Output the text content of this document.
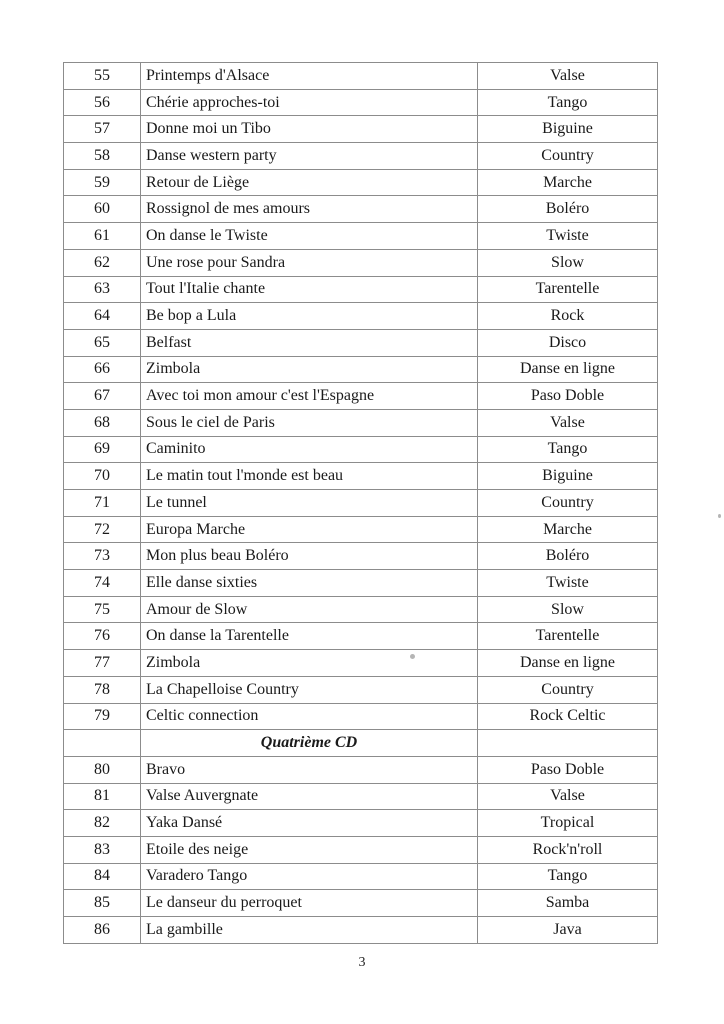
55	Printemps d'Alsace	Valse
56	Chérie approches-toi	Tango
57	Donne moi un Tibo	Biguine
58	Danse western party	Country
59	Retour de Liège	Marche
60	Rossignol de mes amours	Boléro
61	On danse le Twiste	Twiste
62	Une rose pour Sandra	Slow
63	Tout l'Italie chante	Tarentelle
64	Be bop a Lula	Rock
65	Belfast	Disco
66	Zimbola	Danse en ligne
67	Avec toi mon amour c'est l'Espagne	Paso Doble
68	Sous le ciel de Paris	Valse
69	Caminito	Tango
70	Le matin tout l'monde est beau	Biguine
71	Le tunnel	Country
72	Europa Marche	Marche
73	Mon plus beau Boléro	Boléro
74	Elle danse sixties	Twiste
75	Amour de Slow	Slow
76	On danse la Tarentelle	Tarentelle
77	Zimbola	Danse en ligne
78	La Chapelloise Country	Country
79	Celtic connection	Rock Celtic
	Quatrième CD	
80	Bravo	Paso Doble
81	Valse Auvergnate	Valse
82	Yaka Dansé	Tropical
83	Etoile des neige	Rock'n'roll
84	Varadero Tango	Tango
85	Le danseur du perroquet	Samba
86	La gambille	Java
3
